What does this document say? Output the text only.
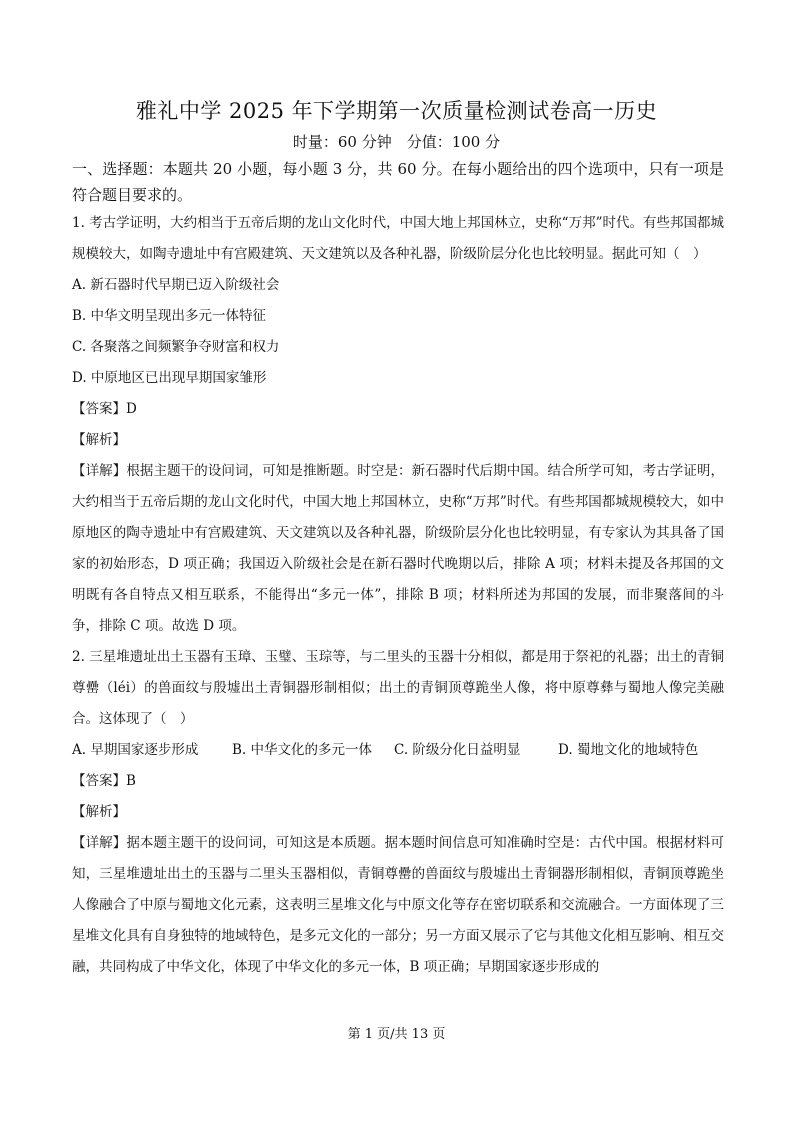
雅礼中学 2025 年下学期第一次质量检测试卷高一历史
时量：60 分钟　分值：100 分

一、选择题：本题共 20 小题，每小题 3 分，共 60 分。在每小题给出的四个选项中，只有一项是符合题目要求的。

1. 考古学证明，大约相当于五帝后期的龙山文化时代，中国大地上邦国林立，史称“万邦”时代。有些邦国都城规模较大，如陶寺遗址中有宫殿建筑、天文建筑以及各种礼器，阶级阶层分化也比较明显。据此可知（　）

A. 新石器时代早期已迈入阶级社会

B. 中华文明呈现出多元一体特征

C. 各聚落之间频繁争夺财富和权力

D. 中原地区已出现早期国家雏形

【答案】D

【解析】

【详解】根据主题干的设问词，可知是推断题。时空是：新石器时代后期中国。结合所学可知，考古学证明，大约相当于五帝后期的龙山文化时代，中国大地上邦国林立，史称“万邦”时代。有些邦国都城规模较大，如中原地区的陶寺遗址中有宫殿建筑、天文建筑以及各种礼器，阶级阶层分化也比较明显，有专家认为其具备了国家的初始形态，D 项正确；我国迈入阶级社会是在新石器时代晚期以后，排除 A 项；材料未提及各邦国的文明既有各自特点又相互联系，不能得出“多元一体”，排除 B 项；材料所述为邦国的发展，而非聚落间的斗争，排除 C 项。故选 D 项。

2. 三星堆遗址出土玉器有玉璋、玉璧、玉琮等，与二里头的玉器十分相似，都是用于祭祀的礼器；出土的青铜尊罍（léi）的兽面纹与殷墟出土青铜器形制相似；出土的青铜顶尊跪坐人像，将中原尊彝与蜀地人像完美融合。这体现了（　）

A. 早期国家逐步形成	B. 中华文化的多元一体	C. 阶级分化日益明显	D. 蜀地文化的地域特色

【答案】B

【解析】

【详解】据本题主题干的设问词，可知这是本质题。据本题时间信息可知准确时空是：古代中国。根据材料可知，三星堆遗址出土的玉器与二里头玉器相似，青铜尊罍的兽面纹与殷墟出土青铜器形制相似，青铜顶尊跪坐人像融合了中原与蜀地文化元素，这表明三星堆文化与中原文化等存在密切联系和交流融合。一方面体现了三星堆文化具有自身独特的地域特色，是多元文化的一部分；另一方面又展示了它与其他文化相互影响、相互交融，共同构成了中华文化，体现了中华文化的多元一体，B 项正确；早期国家逐步形成的

第 1 页/共 13 页
